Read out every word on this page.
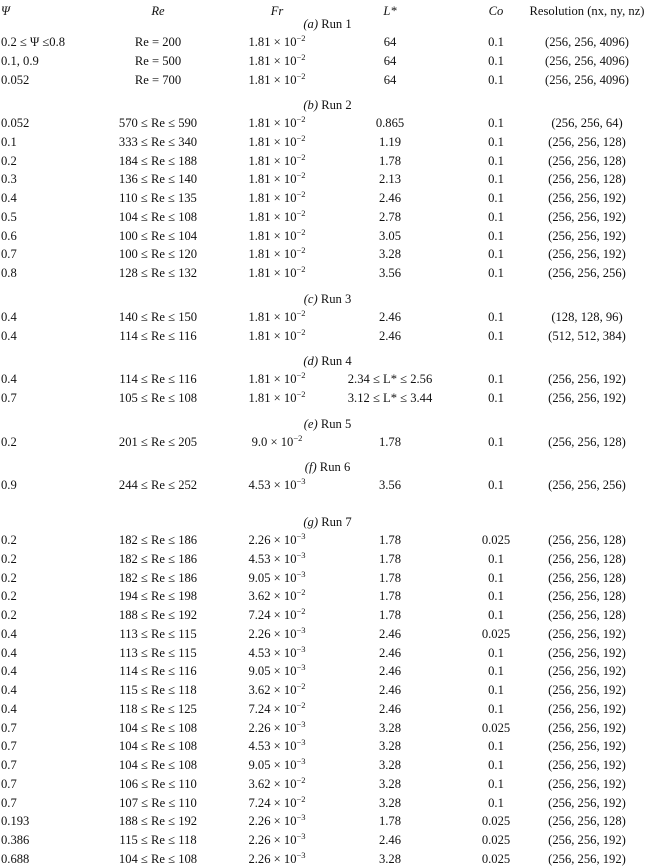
Ψ	Re	Fr	L*	Co	Resolution (nx, ny, nz)
(a) Run 1
0.2 ≤ Ψ ≤0.8	Re = 200	$1.81 \times 10^{-2}$	64	0.1	(256, 256, 4096)
0.1, 0.9	Re = 500	$1.81 \times 10^{-2}$	64	0.1	(256, 256, 4096)
0.052	Re = 700	$1.81 \times 10^{-2}$	64	0.1	(256, 256, 4096)
(b) Run 2
0.052	570 ≤ Re ≤ 590	$1.81 \times 10^{-2}$	0.865	0.1	(256, 256, 64)
0.1	333 ≤ Re ≤ 340	$1.81 \times 10^{-2}$	1.19	0.1	(256, 256, 128)
0.2	184 ≤ Re ≤ 188	$1.81 \times 10^{-2}$	1.78	0.1	(256, 256, 128)
0.3	136 ≤ Re ≤ 140	$1.81 \times 10^{-2}$	2.13	0.1	(256, 256, 128)
0.4	110 ≤ Re ≤ 135	$1.81 \times 10^{-2}$	2.46	0.1	(256, 256, 192)
0.5	104 ≤ Re ≤ 108	$1.81 \times 10^{-2}$	2.78	0.1	(256, 256, 192)
0.6	100 ≤ Re ≤ 104	$1.81 \times 10^{-2}$	3.05	0.1	(256, 256, 192)
0.7	100 ≤ Re ≤ 120	$1.81 \times 10^{-2}$	3.28	0.1	(256, 256, 192)
0.8	128 ≤ Re ≤ 132	$1.81 \times 10^{-2}$	3.56	0.1	(256, 256, 256)
(c) Run 3
0.4	140 ≤ Re ≤ 150	$1.81 \times 10^{-2}$	2.46	0.1	(128, 128, 96)
0.4	114 ≤ Re ≤ 116	$1.81 \times 10^{-2}$	2.46	0.1	(512, 512, 384)
(d) Run 4
0.4	114 ≤ Re ≤ 116	$1.81 \times 10^{-2}$	2.34 ≤ L* ≤ 2.56	0.1	(256, 256, 192)
0.7	105 ≤ Re ≤ 108	$1.81 \times 10^{-2}$	3.12 ≤ L* ≤ 3.44	0.1	(256, 256, 192)
(e) Run 5
0.2	201 ≤ Re ≤ 205	$9.0 \times 10^{-2}$	1.78	0.1	(256, 256, 128)
(f) Run 6
0.9	244 ≤ Re ≤ 252	$4.53 \times 10^{-3}$	3.56	0.1	(256, 256, 256)
(g) Run 7
0.2	182 ≤ Re ≤ 186	$2.26 \times 10^{-3}$	1.78	0.025	(256, 256, 128)
0.2	182 ≤ Re ≤ 186	$4.53 \times 10^{-3}$	1.78	0.1	(256, 256, 128)
0.2	182 ≤ Re ≤ 186	$9.05 \times 10^{-3}$	1.78	0.1	(256, 256, 128)
0.2	194 ≤ Re ≤ 198	$3.62 \times 10^{-2}$	1.78	0.1	(256, 256, 128)
0.2	188 ≤ Re ≤ 192	$7.24 \times 10^{-2}$	1.78	0.1	(256, 256, 128)
0.4	113 ≤ Re ≤ 115	$2.26 \times 10^{-3}$	2.46	0.025	(256, 256, 192)
0.4	113 ≤ Re ≤ 115	$4.53 \times 10^{-3}$	2.46	0.1	(256, 256, 192)
0.4	114 ≤ Re ≤ 116	$9.05 \times 10^{-3}$	2.46	0.1	(256, 256, 192)
0.4	115 ≤ Re ≤ 118	$3.62 \times 10^{-2}$	2.46	0.1	(256, 256, 192)
0.4	118 ≤ Re ≤ 125	$7.24 \times 10^{-2}$	2.46	0.1	(256, 256, 192)
0.7	104 ≤ Re ≤ 108	$2.26 \times 10^{-3}$	3.28	0.025	(256, 256, 192)
0.7	104 ≤ Re ≤ 108	$4.53 \times 10^{-3}$	3.28	0.1	(256, 256, 192)
0.7	104 ≤ Re ≤ 108	$9.05 \times 10^{-3}$	3.28	0.1	(256, 256, 192)
0.7	106 ≤ Re ≤ 110	$3.62 \times 10^{-2}$	3.28	0.1	(256, 256, 192)
0.7	107 ≤ Re ≤ 110	$7.24 \times 10^{-2}$	3.28	0.1	(256, 256, 192)
0.193	188 ≤ Re ≤ 192	$2.26 \times 10^{-3}$	1.78	0.025	(256, 256, 128)
0.386	115 ≤ Re ≤ 118	$2.26 \times 10^{-3}$	2.46	0.025	(256, 256, 192)
0.688	104 ≤ Re ≤ 108	$2.26 \times 10^{-3}$	3.28	0.025	(256, 256, 192)
